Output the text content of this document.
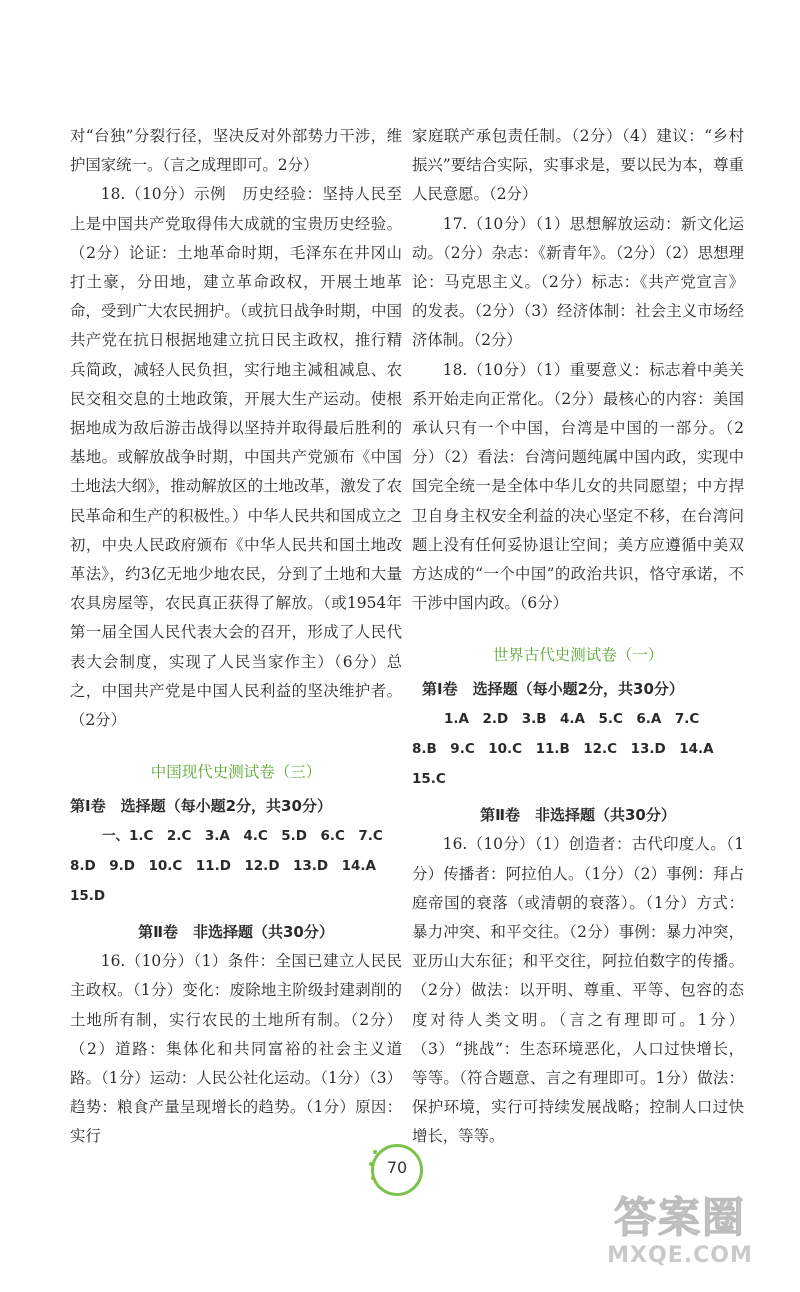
对“台独”分裂行径，坚决反对外部势力干涉，维护国家统一。（言之成理即可。2分）

18.（10分）示例　历史经验：坚持人民至上是中国共产党取得伟大成就的宝贵历史经验。（2分）论证：土地革命时期，毛泽东在井冈山打土豪，分田地，建立革命政权，开展土地革命，受到广大农民拥护。（或抗日战争时期，中国共产党在抗日根据地建立抗日民主政权，推行精兵简政，减轻人民负担，实行地主减租减息、农民交租交息的土地政策，开展大生产运动。使根据地成为敌后游击战得以坚持并取得最后胜利的基地。或解放战争时期，中国共产党颁布《中国土地法大纲》，推动解放区的土地改革，激发了农民革命和生产的积极性。）中华人民共和国成立之初，中央人民政府颁布《中华人民共和国土地改革法》，约3亿无地少地农民，分到了土地和大量农具房屋等，农民真正获得了解放。（或1954年第一届全国人民代表大会的召开，形成了人民代表大会制度，实现了人民当家作主）（6分）总之，中国共产党是中国人民利益的坚决维护者。（2分）

中国现代史测试卷（三）
第Ⅰ卷　选择题（每小题2分，共30分）
一、1.C　2.C　3.A　4.C　5.D　6.C　7.C
8.D　9.D　10.C　11.D　12.D　13.D　14.A
15.D
第Ⅱ卷　非选择题（共30分）

16.（10分）（1）条件：全国已建立人民民主政权。（1分）变化：废除地主阶级封建剥削的土地所有制，实行农民的土地所有制。（2分）（2）道路：集体化和共同富裕的社会主义道路。（1分）运动：人民公社化运动。（1分）（3）趋势：粮食产量呈现增长的趋势。（1分）原因：实行

家庭联产承包责任制。（2分）（4）建议：“乡村振兴”要结合实际，实事求是，要以民为本，尊重人民意愿。（2分）

17.（10分）（1）思想解放运动：新文化运动。（2分）杂志：《新青年》。（2分）（2）思想理论：马克思主义。（2分）标志：《共产党宣言》的发表。（2分）（3）经济体制：社会主义市场经济体制。（2分）

18.（10分）（1）重要意义：标志着中美关系开始走向正常化。（2分）最核心的内容：美国承认只有一个中国，台湾是中国的一部分。（2分）（2）看法：台湾问题纯属中国内政，实现中国完全统一是全体中华儿女的共同愿望；中方捍卫自身主权安全利益的决心坚定不移，在台湾问题上没有任何妥协退让空间；美方应遵循中美双方达成的“一个中国”的政治共识，恪守承诺，不干涉中国内政。（6分）

世界古代史测试卷（一）
第Ⅰ卷　选择题（每小题2分，共30分）
1.A　2.D　3.B　4.A　5.C　6.A　7.C
8.B　9.C　10.C　11.B　12.C　13.D　14.A
15.C
第Ⅱ卷　非选择题（共30分）

16.（10分）（1）创造者：古代印度人。（1分）传播者：阿拉伯人。（1分）（2）事例：拜占庭帝国的衰落（或清朝的衰落）。（1分）方式：暴力冲突、和平交往。（2分）事例：暴力冲突，亚历山大东征；和平交往，阿拉伯数字的传播。（2分）做法：以开明、尊重、平等、包容的态度对待人类文明。（言之有理即可。1分）（3）“挑战”：生态环境恶化，人口过快增长，等等。（符合题意、言之有理即可。1分）做法：保护环境，实行可持续发展战略；控制人口过快增长，等等。

70
答案圈
MXQE.COM
